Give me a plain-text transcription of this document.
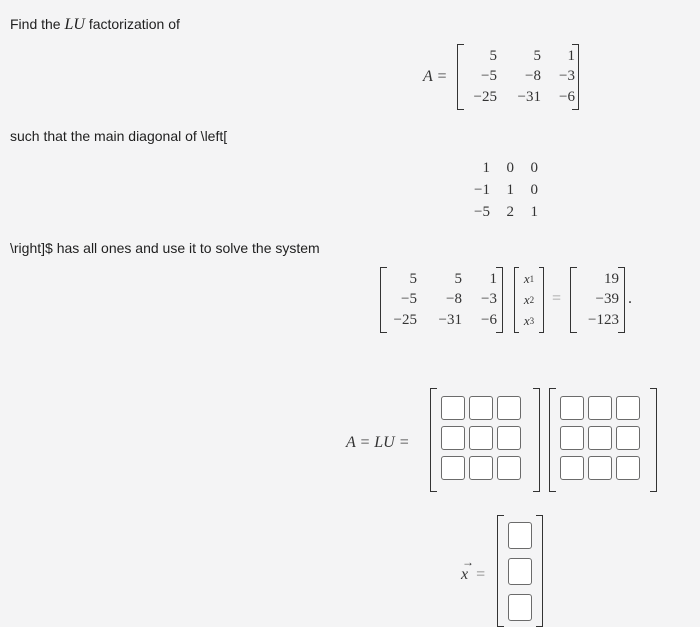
Find the LU factorization of
A =
5	5	1
−5	−8	−3
−25	−31	−6
such that the main diagonal of \left[
1	0	0
−1	1	0
−5	2	1
\right]$ has all ones and use it to solve the system
5	5	1
−5	−8	−3
−25	−31	−6
x 1
x 2
x 3
=
19
−39
−123
.
A = LU =
→
x =
